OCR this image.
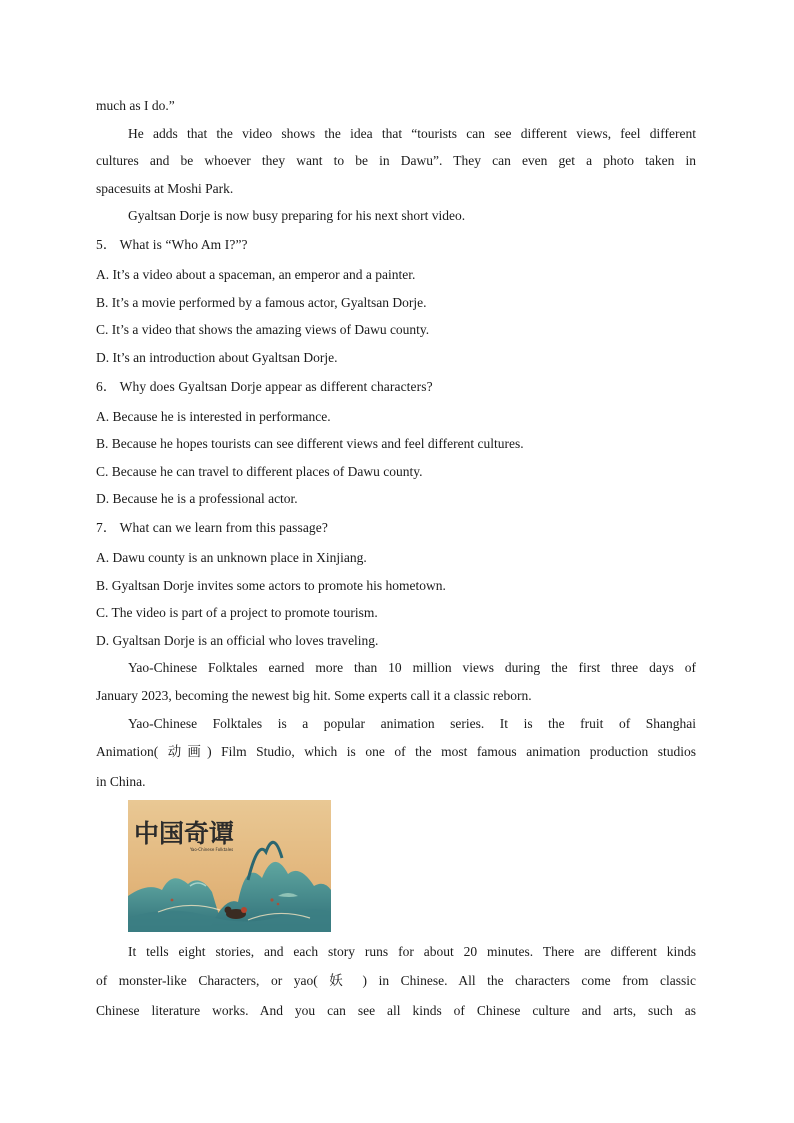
much as I do.”
He adds that the video shows the idea that “tourists can see different views, feel different
cultures and be whoever they want to be in Dawu”. They can even get a photo taken in
spacesuits at Moshi Park.
Gyaltsan Dorje is now busy preparing for his next short video.
5． What is “Who Am I?”?
A. It’s a video about a spaceman, an emperor and a painter.
B. It’s a movie performed by a famous actor, Gyaltsan Dorje.
C. It’s a video that shows the amazing views of Dawu county.
D. It’s an introduction about Gyaltsan Dorje.
6． Why does Gyaltsan Dorje appear as different characters?
A. Because he is interested in performance.
B. Because he hopes tourists can see different views and feel different cultures.
C. Because he can travel to different places of Dawu county.
D. Because he is a professional actor.
7． What can we learn from this passage?
A. Dawu county is an unknown place in Xinjiang.
B. Gyaltsan Dorje invites some actors to promote his hometown.
C. The video is part of a project to promote tourism.
D. Gyaltsan Dorje is an official who loves traveling.
Yao-Chinese Folktales earned more than 10 million views during the first three days of
January 2023, becoming the newest big hit. Some experts call it a classic reborn.
Yao-Chinese Folktales is a popular animation series. It is the fruit of Shanghai
Animation( 动画) Film Studio, which is one of the most famous animation production studios
in China.
中国奇谭
Yao-Chinese Folktales
It tells eight stories, and each story runs for about 20 minutes. There are different kinds
of monster-like Characters, or yao( 妖 ) in Chinese. All the characters come from classic
Chinese literature works. And you can see all kinds of Chinese culture and arts, such as
